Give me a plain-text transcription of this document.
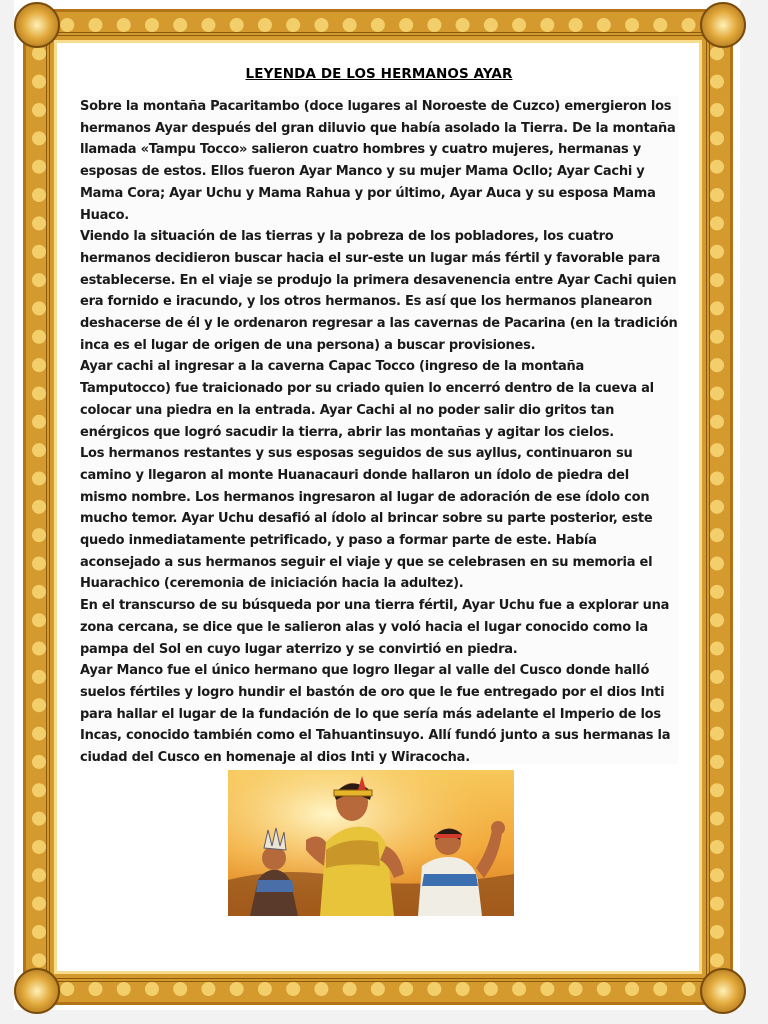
LEYENDA DE LOS HERMANOS AYAR

Sobre la montaña Pacaritambo (doce lugares al Noroeste de Cuzco) emergieron los hermanos Ayar después del gran diluvio que había asolado la Tierra. De la montaña llamada «Tampu Tocco» salieron cuatro hombres y cuatro mujeres, hermanas y esposas de estos. Ellos fueron Ayar Manco y su mujer Mama Ocllo; Ayar Cachi y Mama Cora; Ayar Uchu y Mama Rahua y por último, Ayar Auca y su esposa Mama Huaco.

Viendo la situación de las tierras y la pobreza de los pobladores, los cuatro hermanos decidieron buscar hacia el sur-este un lugar más fértil y favorable para establecerse. En el viaje se produjo la primera desavenencia entre Ayar Cachi quien era fornido e iracundo, y los otros hermanos. Es así que los hermanos planearon deshacerse de él y le ordenaron regresar a las cavernas de Pacarina (en la tradición inca es el lugar de origen de una persona) a buscar provisiones.

Ayar cachi al ingresar a la caverna Capac Tocco (ingreso de la montaña Tamputocco) fue traicionado por su criado quien lo encerró dentro de la cueva al colocar una piedra en la entrada. Ayar Cachi al no poder salir dio gritos tan enérgicos que logró sacudir la tierra, abrir las montañas y agitar los cielos.

Los hermanos restantes y sus esposas seguidos de sus ayllus, continuaron su camino y llegaron al monte Huanacauri donde hallaron un ídolo de piedra del mismo nombre. Los hermanos ingresaron al lugar de adoración de ese ídolo con mucho temor. Ayar Uchu desafió al ídolo al brincar sobre su parte posterior, este quedo inmediatamente petrificado, y paso a formar parte de este. Había aconsejado a sus hermanos seguir el viaje y que se celebrasen en su memoria el Huarachico (ceremonia de iniciación hacia la adultez).

En el transcurso de su búsqueda por una tierra fértil, Ayar Uchu fue a explorar una zona cercana, se dice que le salieron alas y voló hacia el lugar conocido como la pampa del Sol en cuyo lugar aterrizo y se convirtió en piedra.

Ayar Manco fue el único hermano que logro llegar al valle del Cusco donde halló suelos fértiles y logro hundir el bastón de oro que le fue entregado por el dios Inti para hallar el lugar de la fundación de lo que sería más adelante el Imperio de los Incas, conocido también como el Tahuantinsuyo. Allí fundó junto a sus hermanas la ciudad del Cusco en homenaje al dios Inti y Wiracocha.
